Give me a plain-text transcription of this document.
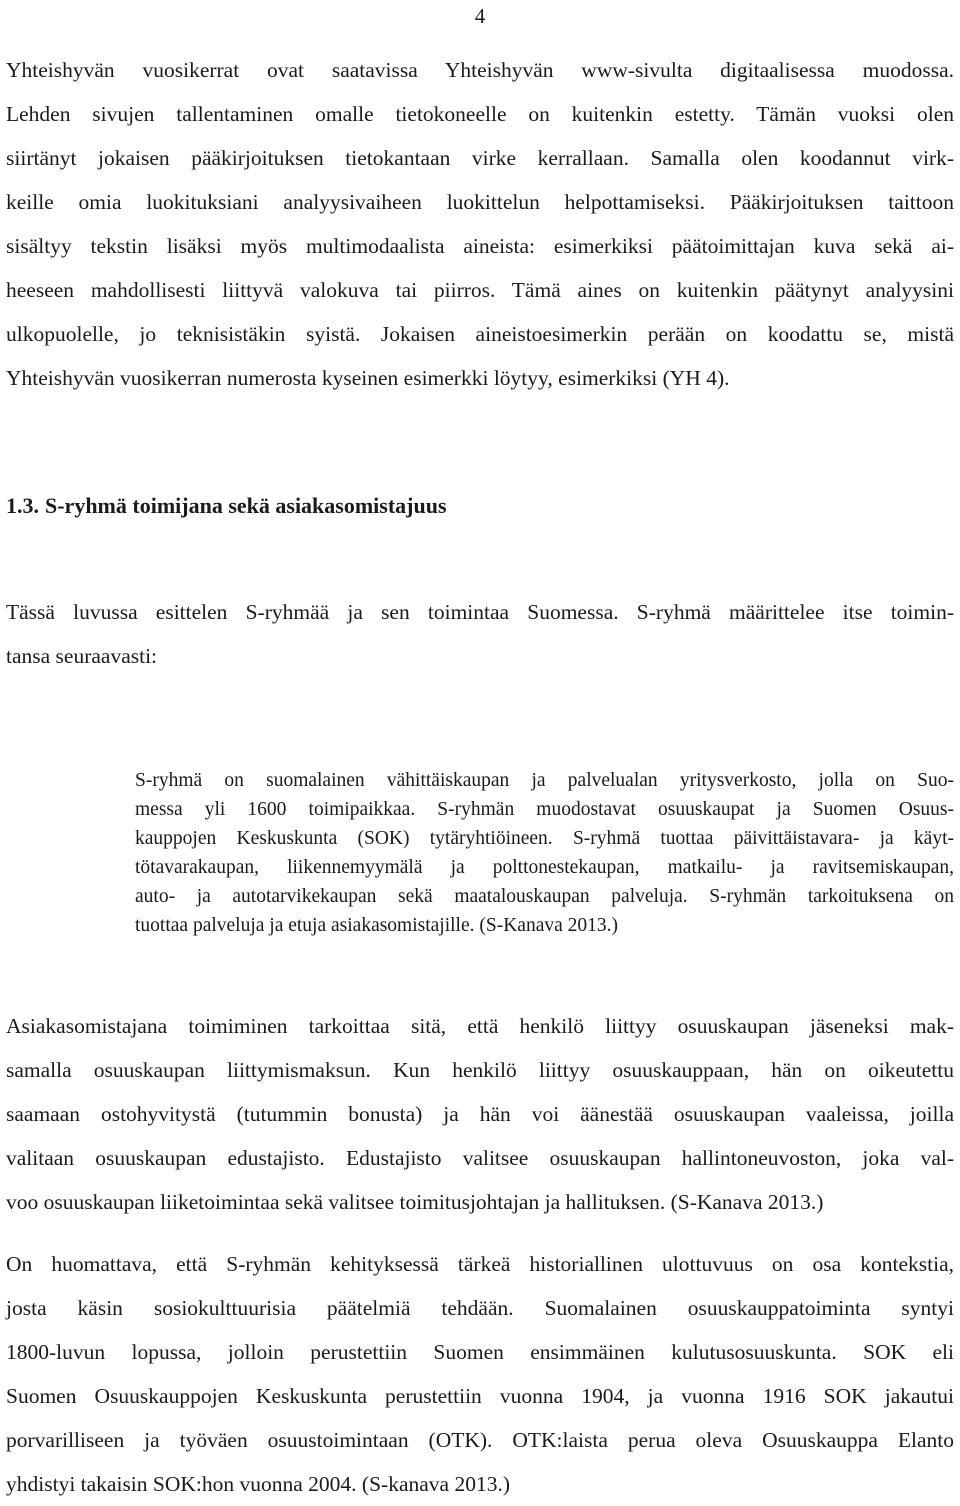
4
Yhteishyvän vuosikerrat ovat saatavissa Yhteishyvän www-sivulta digitaalisessa muodossa.
Lehden sivujen tallentaminen omalle tietokoneelle on kuitenkin estetty. Tämän vuoksi olen
siirtänyt jokaisen pääkirjoituksen tietokantaan virke kerrallaan. Samalla olen koodannut virk-
keille omia luokituksiani analyysivaiheen luokittelun helpottamiseksi. Pääkirjoituksen taittoon
sisältyy tekstin lisäksi myös multimodaalista aineista: esimerkiksi päätoimittajan kuva sekä ai-
heeseen mahdollisesti liittyvä valokuva tai piirros. Tämä aines on kuitenkin päätynyt analyysini
ulkopuolelle, jo teknisistäkin syistä. Jokaisen aineistoesimerkin perään on koodattu se, mistä
Yhteishyvän vuosikerran numerosta kyseinen esimerkki löytyy, esimerkiksi (YH 4).
1.3. S-ryhmä toimijana sekä asiakasomistajuus
Tässä luvussa esittelen S-ryhmää ja sen toimintaa Suomessa. S-ryhmä määrittelee itse toimin-
tansa seuraavasti:
S-ryhmä on suomalainen vähittäiskaupan ja palvelualan yritysverkosto, jolla on Suo-
messa yli 1600 toimipaikkaa. S-ryhmän muodostavat osuuskaupat ja Suomen Osuus-
kauppojen Keskuskunta (SOK) tytäryhtiöineen. S-ryhmä tuottaa päivittäistavara- ja käyt-
tötavarakaupan, liikennemyymälä ja polttonestekaupan, matkailu- ja ravitsemiskaupan,
auto- ja autotarvikekaupan sekä maatalouskaupan palveluja. S-ryhmän tarkoituksena on
tuottaa palveluja ja etuja asiakasomistajille. (S-Kanava 2013.)
Asiakasomistajana toimiminen tarkoittaa sitä, että henkilö liittyy osuuskaupan jäseneksi mak-
samalla osuuskaupan liittymismaksun. Kun henkilö liittyy osuuskauppaan, hän on oikeutettu
saamaan ostohyvitystä (tutummin bonusta) ja hän voi äänestää osuuskaupan vaaleissa, joilla
valitaan osuuskaupan edustajisto. Edustajisto valitsee osuuskaupan hallintoneuvoston, joka val-
voo osuuskaupan liiketoimintaa sekä valitsee toimitusjohtajan ja hallituksen. (S-Kanava 2013.)
On huomattava, että S-ryhmän kehityksessä tärkeä historiallinen ulottuvuus on osa kontekstia,
josta käsin sosiokulttuurisia päätelmiä tehdään. Suomalainen osuuskauppatoiminta syntyi
1800-luvun lopussa, jolloin perustettiin Suomen ensimmäinen kulutusosuuskunta. SOK eli
Suomen Osuuskauppojen Keskuskunta perustettiin vuonna 1904, ja vuonna 1916 SOK jakautui
porvarilliseen ja työväen osuustoimintaan (OTK). OTK:laista perua oleva Osuuskauppa Elanto
yhdistyi takaisin SOK:hon vuonna 2004. (S-kanava 2013.)
